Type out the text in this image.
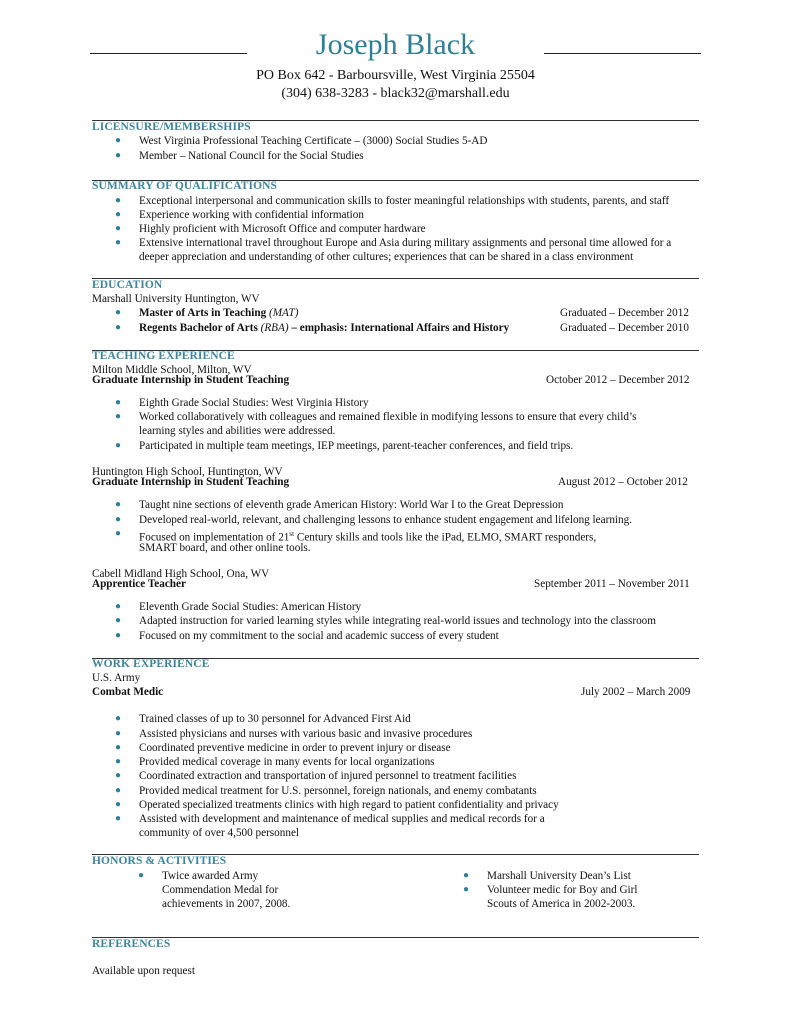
Joseph Black
PO Box 642 - Barboursville, West Virginia 25504
(304) 638-3283 - black32@marshall.edu
LICENSURE/MEMBERSHIPS
● West Virginia Professional Teaching Certificate – (3000) Social Studies 5-AD
● Member – National Council for the Social Studies
SUMMARY OF QUALIFICATIONS
● Exceptional interpersonal and communication skills to foster meaningful relationships with students, parents, and staff
● Experience working with confidential information
● Highly proficient with Microsoft Office and computer hardware
● Extensive international travel throughout Europe and Asia during military assignments and personal time allowed for a
deeper appreciation and understanding of other cultures; experiences that can be shared in a class environment
EDUCATION
Marshall University Huntington, WV
● Master of Arts in Teaching (MAT)	Graduated – December 2012
● Regents Bachelor of Arts (RBA) – emphasis: International Affairs and History	Graduated – December 2010
TEACHING EXPERIENCE
Milton Middle School, Milton, WV
Graduate Internship in Student Teaching	October 2012 – December 2012
● Eighth Grade Social Studies: West Virginia History
● Worked collaboratively with colleagues and remained flexible in modifying lessons to ensure that every child’s
learning styles and abilities were addressed.
● Participated in multiple team meetings, IEP meetings, parent-teacher conferences, and field trips.
Huntington High School, Huntington, WV
Graduate Internship in Student Teaching	August 2012 – October 2012
● Taught nine sections of eleventh grade American History: World War I to the Great Depression
● Developed real-world, relevant, and challenging lessons to enhance student engagement and lifelong learning.
● Focused on implementation of 21st Century skills and tools like the iPad, ELMO, SMART responders,
SMART board, and other online tools.
Cabell Midland High School, Ona, WV
Apprentice Teacher	September 2011 – November 2011
● Eleventh Grade Social Studies: American History
● Adapted instruction for varied learning styles while integrating real-world issues and technology into the classroom
● Focused on my commitment to the social and academic success of every student
WORK EXPERIENCE
U.S. Army
Combat Medic	July 2002 – March 2009
● Trained classes of up to 30 personnel for Advanced First Aid
● Assisted physicians and nurses with various basic and invasive procedures
● Coordinated preventive medicine in order to prevent injury or disease
● Provided medical coverage in many events for local organizations
● Coordinated extraction and transportation of injured personnel to treatment facilities
● Provided medical treatment for U.S. personnel, foreign nationals, and enemy combatants
● Operated specialized treatments clinics with high regard to patient confidentiality and privacy
● Assisted with development and maintenance of medical supplies and medical records for a
community of over 4,500 personnel
HONORS & ACTIVITIES
● Twice awarded Army
Commendation Medal for
achievements in 2007, 2008.
● Marshall University Dean’s List
● Volunteer medic for Boy and Girl
Scouts of America in 2002-2003.
REFERENCES
Available upon request
